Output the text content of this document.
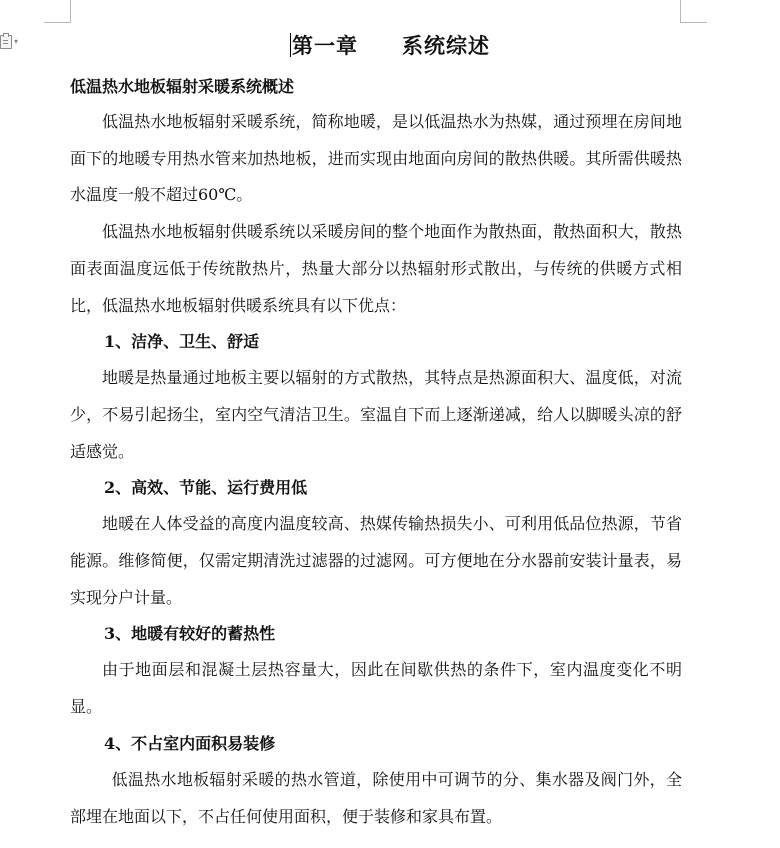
▾	第一章　　系统综述

低温热水地板辐射采暖系统概述

低温热水地板辐射采暖系统，简称地暖，是以低温热水为热媒，通过预埋在房间地面下的地暖专用热水管来加热地板，进而实现由地面向房间的散热供暖。其所需供暖热水温度一般不超过60℃。

低温热水地板辐射供暖系统以采暖房间的整个地面作为散热面，散热面积大，散热面表面温度远低于传统散热片，热量大部分以热辐射形式散出，与传统的供暖方式相比，低温热水地板辐射供暖系统具有以下优点：

1、洁净、卫生、舒适

地暖是热量通过地板主要以辐射的方式散热，其特点是热源面积大、温度低，对流少，不易引起扬尘，室内空气清洁卫生。室温自下而上逐渐递减，给人以脚暖头凉的舒适感觉。

2、高效、节能、运行费用低

地暖在人体受益的高度内温度较高、热媒传输热损失小、可利用低品位热源，节省能源。维修简便，仅需定期清洗过滤器的过滤网。可方便地在分水器前安装计量表，易实现分户计量。

3、地暖有较好的蓄热性

由于地面层和混凝土层热容量大，因此在间歇供热的条件下，室内温度变化不明显。

4、不占室内面积易装修

低温热水地板辐射采暖的热水管道，除使用中可调节的分、集水器及阀门外，全部埋在地面以下，不占任何使用面积，便于装修和家具布置。
